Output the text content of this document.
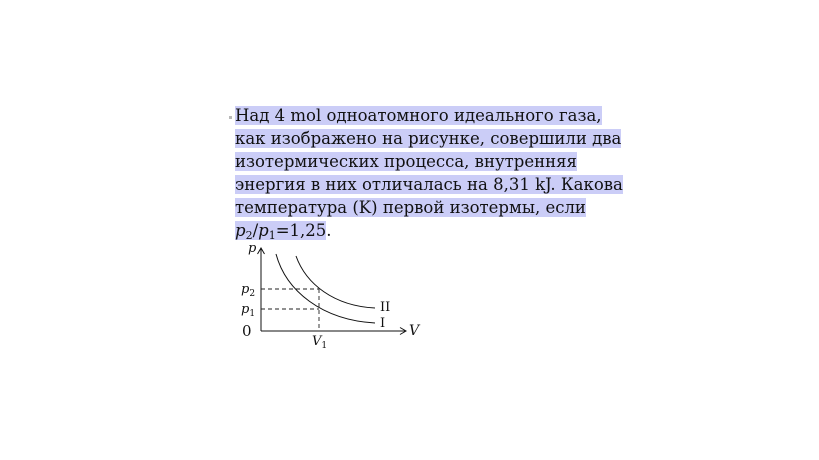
Над 4 mol одноатомного идеального газа,
как изображено на рисунке, совершили два
изотермических процесса, внутренняя
энергия в них отличалась на 8,31 kJ. Какова
температура (K) первой изотермы, если
$p_2/p_1=1,25$.
p
V
0
$p_2$
$p_1$
$V_1$
II
I
